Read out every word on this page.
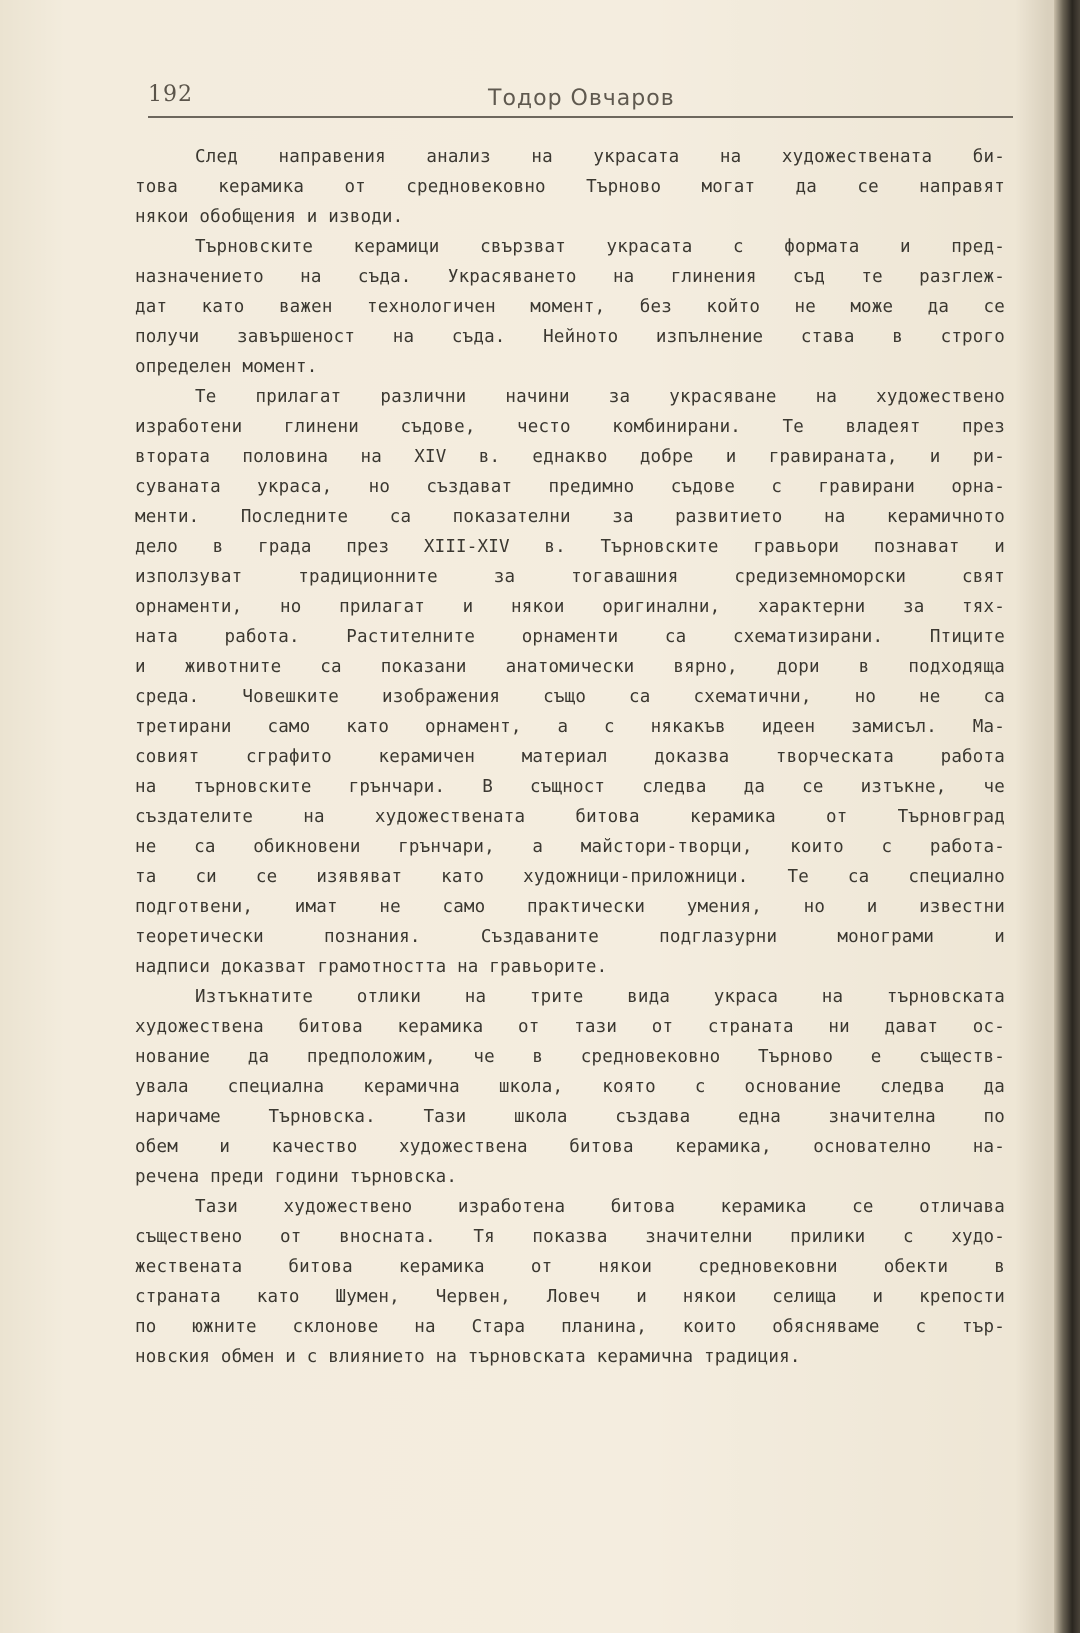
192	Тодор Овчаров
След направения анализ на украсата на художествената би-
това керамика от средновековно Търново могат да се направят
някои обобщения и изводи.
Търновските керамици свързват украсата с формата и пред-
назначението на съда. Украсяването на глинения съд те разглеж-
дат като важен технологичен момент, без който не може да се
получи завършеност на съда. Нейното изпълнение става в строго
определен момент.
Те прилагат различни начини за украсяване на художествено
изработени глинени съдове, често комбинирани. Те владеят през
втората половина на XIV в. еднакво добре и гравираната, и ри-
суваната украса, но създават предимно съдове с гравирани орна-
менти. Последните са показателни за развитието на керамичното
дело в града през XIII-XIV в. Търновските гравьори познават и
използуват традиционните за тогавашния средиземноморски свят
орнаменти, но прилагат и някои оригинални, характерни за тях-
ната работа. Растителните орнаменти са схематизирани. Птиците
и животните са показани анатомически вярно, дори в подходяща
среда. Човешките изображения също са схематични, но не са
третирани само като орнамент, а с някакъв идеен замисъл. Ма-
совият сграфито керамичен материал доказва творческата работа
на търновските грънчари. В същност следва да се изтъкне, че
създателите на художествената битова керамика от Търновград
не са обикновени грънчари, а майстори-творци, които с работа-
та си се изявяват като художници-приложници. Те са специално
подготвени, имат не само практически умения, но и известни
теоретически познания. Създаваните подглазурни монограми и
надписи доказват грамотността на гравьорите.
Изтъкнатите отлики на трите вида украса на търновската
художествена битова керамика от тази от страната ни дават ос-
нование да предположим, че в средновековно Търново е съществ-
увала специална керамична школа, която с основание следва да
наричаме Търновска. Тази школа създава една значителна по
обем и качество художествена битова керамика, основателно на-
речена преди години търновска.
Тази художествено изработена битова керамика се отличава
съществено от вносната. Тя показва значителни прилики с худо-
жествената битова керамика от някои средновековни обекти в
страната като Шумен, Червен, Ловеч и някои селища и крепости
по южните склонове на Стара планина, които обясняваме с тър-
новския обмен и с влиянието на търновската керамична традиция.
